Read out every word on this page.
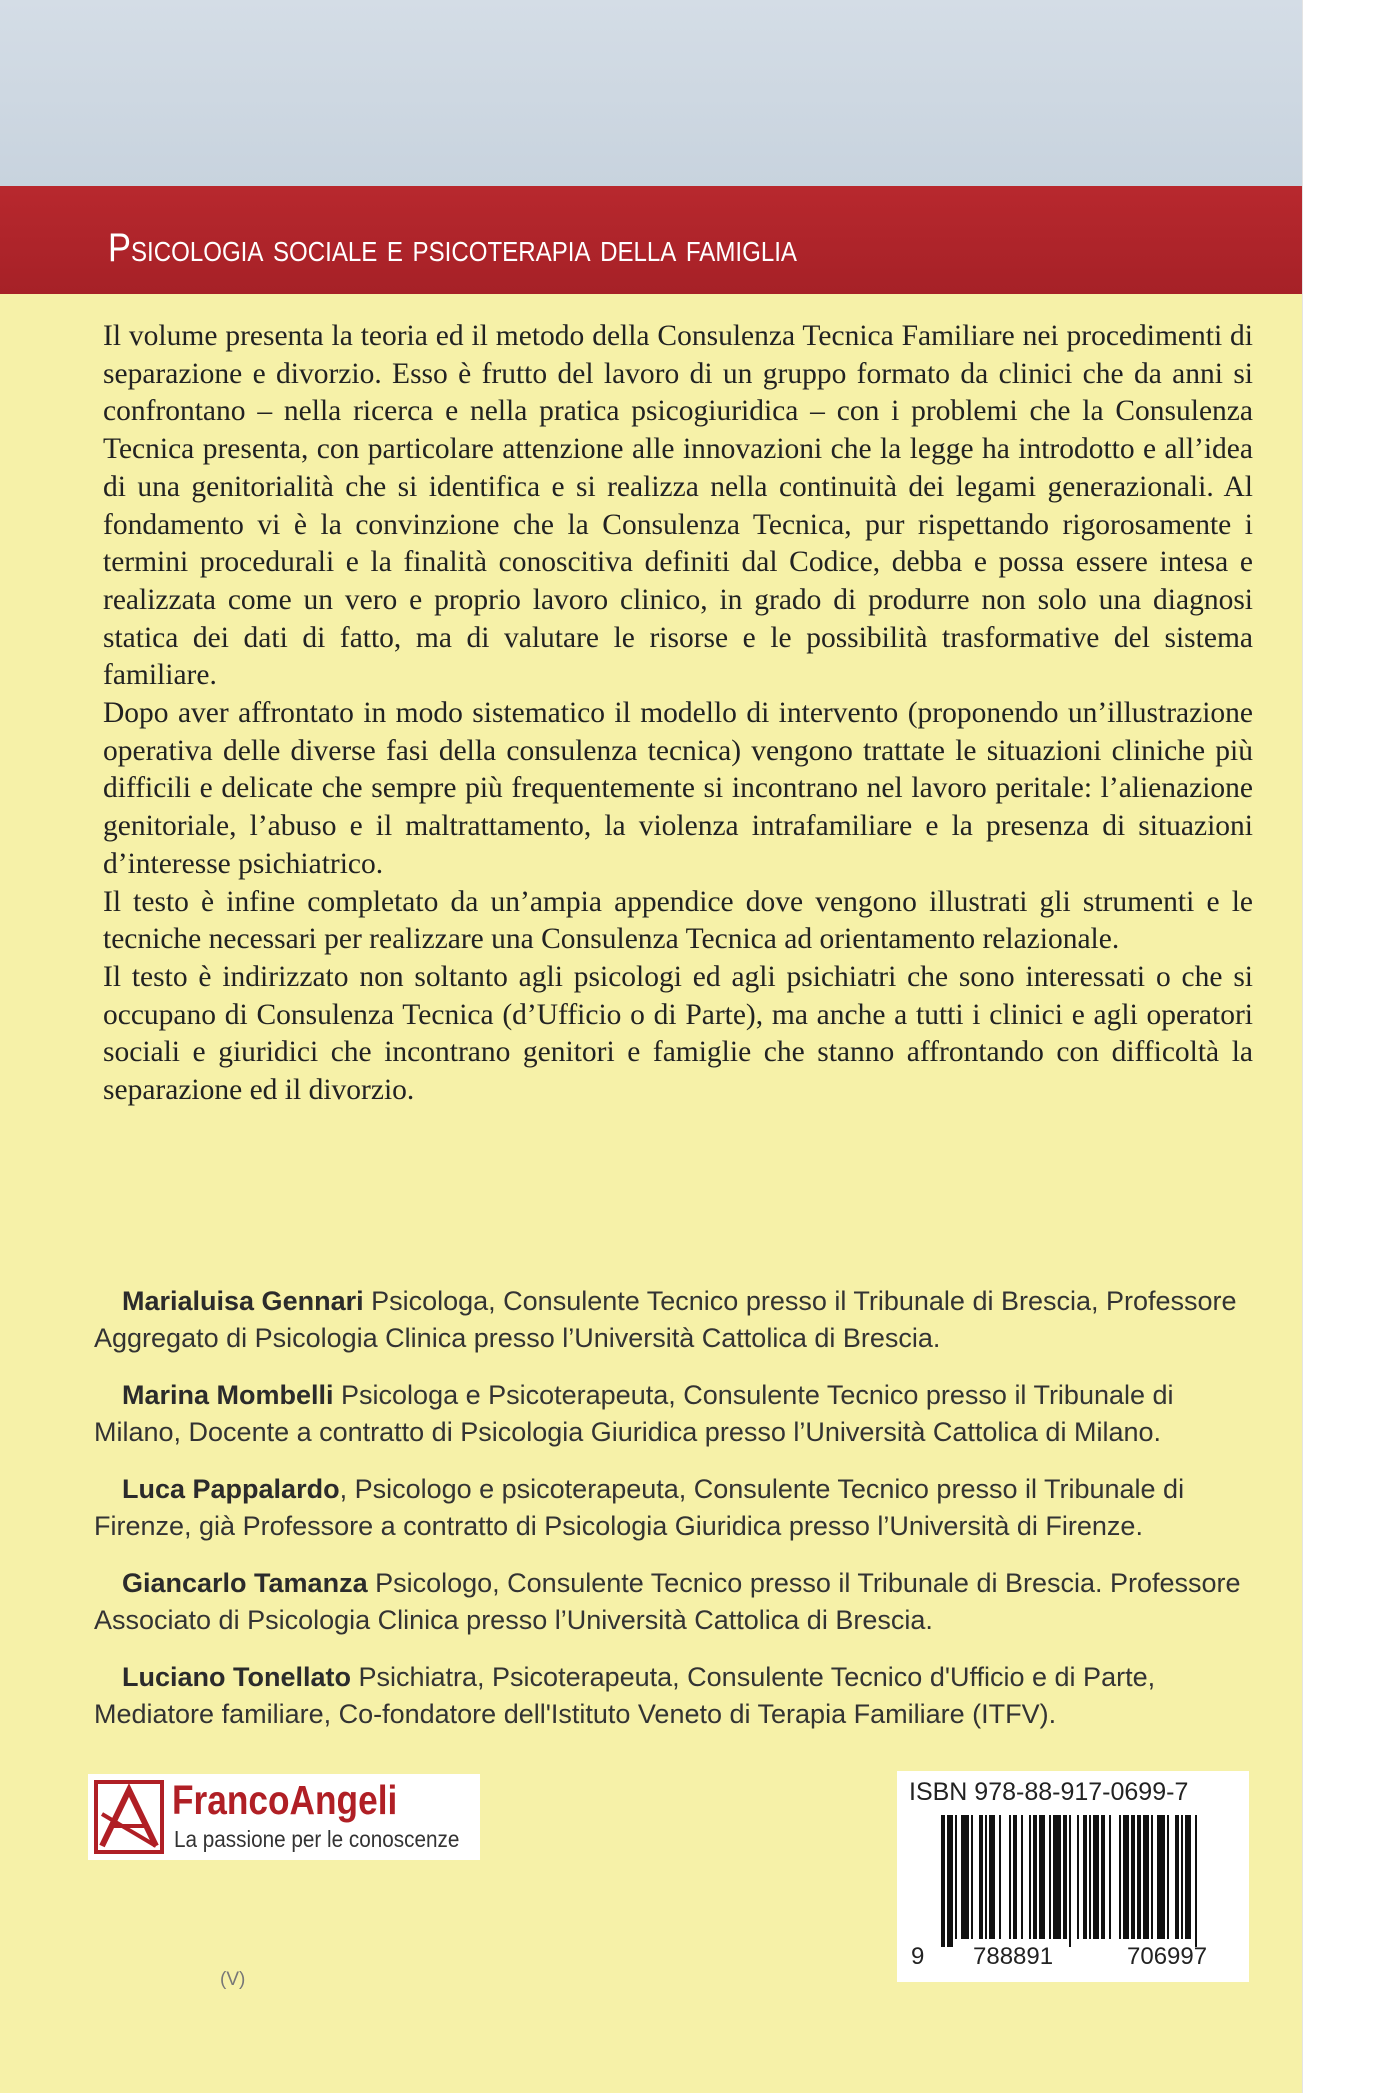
Psicologia sociale e psicoterapia della famiglia

Il volume presenta la teoria ed il metodo della Consulenza Tecnica Familiare nei procedimenti di separazione e divorzio. Esso è frutto del lavoro di un gruppo formato da clinici che da anni si confrontano – nella ricerca e nella pratica psicogiuridica – con i problemi che la Consulenza Tecnica presenta, con particolare attenzione alle innovazioni che la legge ha introdotto e all’idea di una genitorialità che si identifica e si realizza nella continuità dei legami generazionali. Al fondamento vi è la convinzione che la Consulenza Tecnica, pur rispettando rigorosamente i termini procedurali e la finalità conoscitiva definiti dal Codice, debba e possa essere intesa e realizzata come un vero e proprio lavoro clinico, in grado di produrre non solo una diagnosi statica dei dati di fatto, ma di valutare le risorse e le possibilità trasformative del sistema familiare.

Dopo aver affrontato in modo sistematico il modello di intervento (proponendo un’illustrazione operativa delle diverse fasi della consulenza tecnica) vengono trattate le situazioni cliniche più difficili e delicate che sempre più frequentemente si incontrano nel lavoro peritale: l’alienazione genitoriale, l’abuso e il maltrattamento, la violenza intrafamiliare e la presenza di situazioni d’interesse psichiatrico.

Il testo è infine completato da un’ampia appendice dove vengono illustrati gli strumenti e le tecniche necessari per realizzare una Consulenza Tecnica ad orientamento relazionale.

Il testo è indirizzato non soltanto agli psicologi ed agli psichiatri che sono interessati o che si occupano di Consulenza Tecnica (d’Ufficio o di Parte), ma anche a tutti i clinici e agli operatori sociali e giuridici che incontrano genitori e famiglie che stanno affrontando con difficoltà la separazione ed il divorzio.

Marialuisa Gennari Psicologa, Consulente Tecnico presso il Tribunale di Brescia, Professore Aggregato di Psicologia Clinica presso l’Università Cattolica di Brescia.

Marina Mombelli Psicologa e Psicoterapeuta, Consulente Tecnico presso il Tribunale di Milano, Docente a contratto di Psicologia Giuridica presso l’Università Cattolica di Milano.

Luca Pappalardo, Psicologo e psicoterapeuta, Consulente Tecnico presso il Tribunale di Firenze, già Professore a contratto di Psicologia Giuridica presso l’Università di Firenze.

Giancarlo Tamanza Psicologo, Consulente Tecnico presso il Tribunale di Brescia. Professore Associato di Psicologia Clinica presso l’Università Cattolica di Brescia.

Luciano Tonellato Psichiatra, Psicoterapeuta, Consulente Tecnico d'Ufficio e di Parte, Mediatore familiare, Co-fondatore dell'Istituto Veneto di Terapia Familiare (ITFV).

FrancoAngeli

La passione per le conoscenze

ISBN 978-88-917-0699-7

9 788891	706997

(V)
